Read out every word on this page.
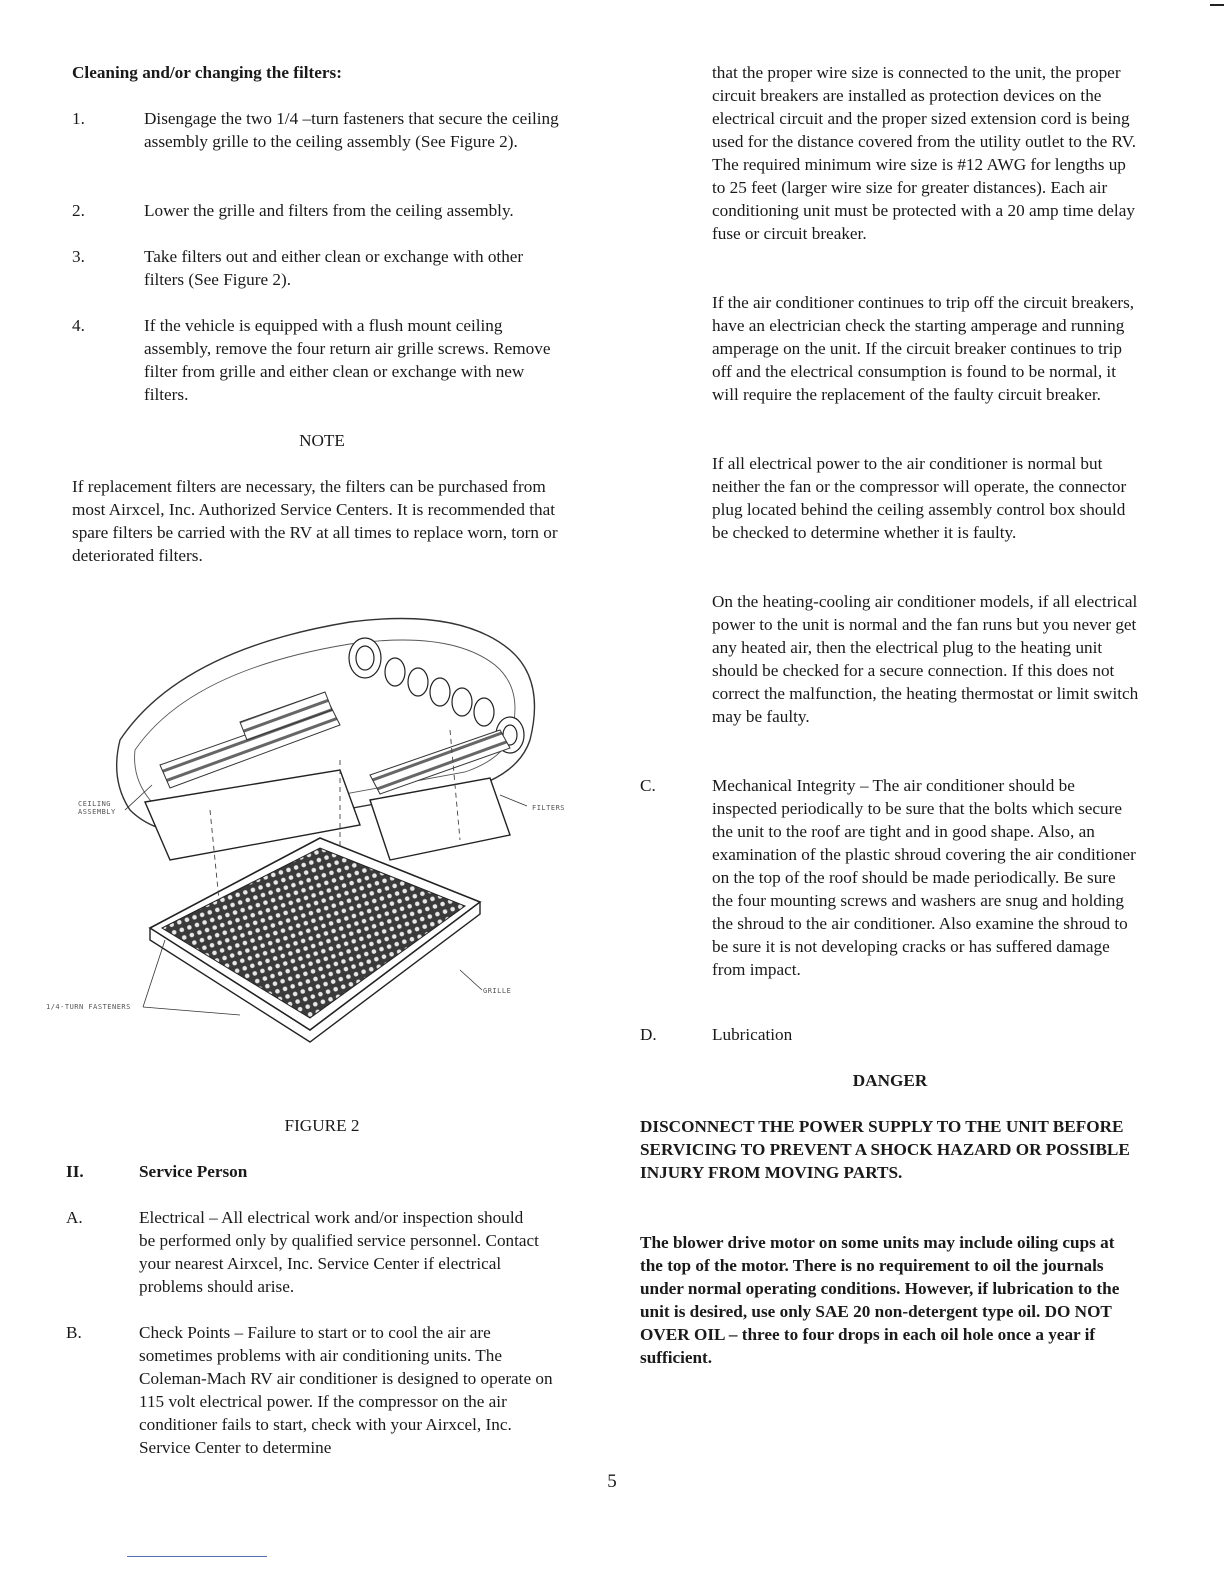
Cleaning and/or changing the filters:
1.	Disengage the two 1/4 –turn fasteners that secure the ceiling assembly grille to the ceiling assembly (See Figure 2).
2.	Lower the grille and filters from the ceiling assembly.
3.	Take filters out and either clean or exchange with other filters (See Figure 2).
4.	If the vehicle is equipped with a flush mount ceiling assembly, remove the four return air grille screws. Remove filter from grille and either clean or exchange with new filters.
NOTE
If replacement filters are necessary, the filters can be purchased from most Airxcel, Inc. Authorized Service Centers. It is recommended that spare filters be carried with the RV at all times to replace worn, torn or deteriorated filters.
FIGURE 2
II.	Service Person
A.	Electrical – All electrical work and/or inspection should be performed only by qualified service personnel. Contact your nearest Airxcel, Inc. Service Center if electrical problems should arise.
B.	Check Points – Failure to start or to cool the air are sometimes problems with air conditioning units. The Coleman-Mach RV air conditioner is designed to operate on 115 volt electrical power. If the compressor on the air conditioner fails to start, check with your Airxcel, Inc. Service Center to determine
CEILING
ASSEMBLY	FILTERS
GRILLE
1/4-TURN FASTENERS
that the proper wire size is connected to the unit, the proper circuit breakers are installed as protection devices on the electrical circuit and the proper sized extension cord is being used for the distance covered from the utility outlet to the RV. The required minimum wire size is #12 AWG for lengths up to 25 feet (larger wire size for greater distances). Each air conditioning unit must be protected with a 20 amp time delay fuse or circuit breaker.
If the air conditioner continues to trip off the circuit breakers, have an electrician check the starting amperage and running amperage on the unit. If the circuit breaker continues to trip off and the electrical consumption is found to be normal, it will require the replacement of the faulty circuit breaker.
If all electrical power to the air conditioner is normal but neither the fan or the compressor will operate, the connector plug located behind the ceiling assembly control box should be checked to determine whether it is faulty.
On the heating-cooling air conditioner models, if all electrical power to the unit is normal and the fan runs but you never get any heated air, then the electrical plug to the heating unit should be checked for a secure connection. If this does not correct the malfunction, the heating thermostat or limit switch may be faulty.
C.	Mechanical Integrity – The air conditioner should be inspected periodically to be sure that the bolts which secure the unit to the roof are tight and in good shape. Also, an examination of the plastic shroud covering the air conditioner on the top of the roof should be made periodically. Be sure the four mounting screws and washers are snug and holding the shroud to the air conditioner. Also examine the shroud to be sure it is not developing cracks or has suffered damage from impact.
D.	Lubrication
DANGER
DISCONNECT THE POWER SUPPLY TO THE UNIT BEFORE SERVICING TO PREVENT A SHOCK HAZARD OR POSSIBLE INJURY FROM MOVING PARTS.
The blower drive motor on some units may include oiling cups at the top of the motor. There is no requirement to oil the journals under normal operating conditions. However, if lubrication to the unit is desired, use only SAE 20 non-detergent type oil. DO NOT OVER OIL – three to four drops in each oil hole once a year if sufficient.
5
